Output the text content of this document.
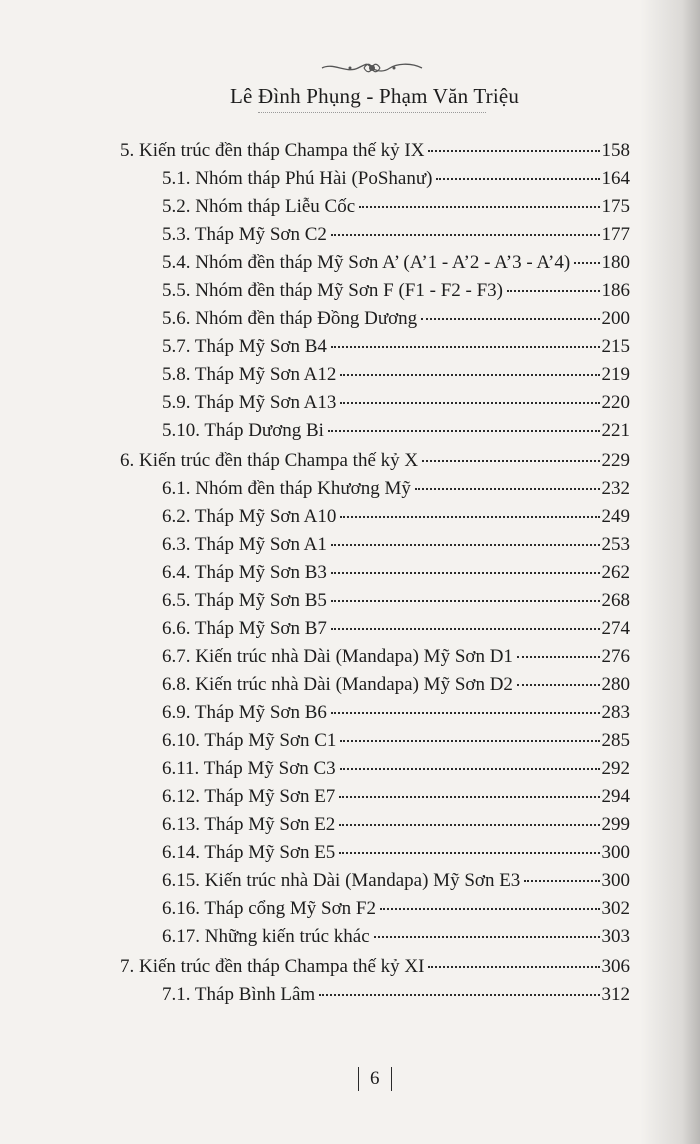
Lê Đình Phụng - Phạm Văn Triệu
5. Kiến trúc đền tháp Champa thế kỷ IX	158
5.1. Nhóm tháp Phú Hài (PoShanư)	164
5.2. Nhóm tháp Liễu Cốc	175
5.3. Tháp Mỹ Sơn C2	177
5.4. Nhóm đền tháp Mỹ Sơn A’ (A’1 - A’2 - A’3 - A’4) 180
5.5. Nhóm đền tháp Mỹ Sơn F (F1 - F2 - F3)	186
5.6. Nhóm đền tháp Đồng Dương	200
5.7. Tháp Mỹ Sơn B4	215
5.8. Tháp Mỹ Sơn A12	219
5.9. Tháp Mỹ Sơn A13	220
5.10. Tháp Dương Bi	221
6. Kiến trúc đền tháp Champa thế kỷ X	229
6.1. Nhóm đền tháp Khương Mỹ	232
6.2. Tháp Mỹ Sơn A10	249
6.3. Tháp Mỹ Sơn A1	253
6.4. Tháp Mỹ Sơn B3	262
6.5. Tháp Mỹ Sơn B5	268
6.6. Tháp Mỹ Sơn B7	274
6.7. Kiến trúc nhà Dài (Mandapa) Mỹ Sơn D1	276
6.8. Kiến trúc nhà Dài (Mandapa) Mỹ Sơn D2	280
6.9. Tháp Mỹ Sơn B6	283
6.10. Tháp Mỹ Sơn C1	285
6.11. Tháp Mỹ Sơn C3	292
6.12. Tháp Mỹ Sơn E7	294
6.13. Tháp Mỹ Sơn E2	299
6.14. Tháp Mỹ Sơn E5	300
6.15. Kiến trúc nhà Dài (Mandapa) Mỹ Sơn E3	300
6.16. Tháp cổng Mỹ Sơn F2	302
6.17. Những kiến trúc khác	303
7. Kiến trúc đền tháp Champa thế kỷ XI	306
7.1. Tháp Bình Lâm	312
6
